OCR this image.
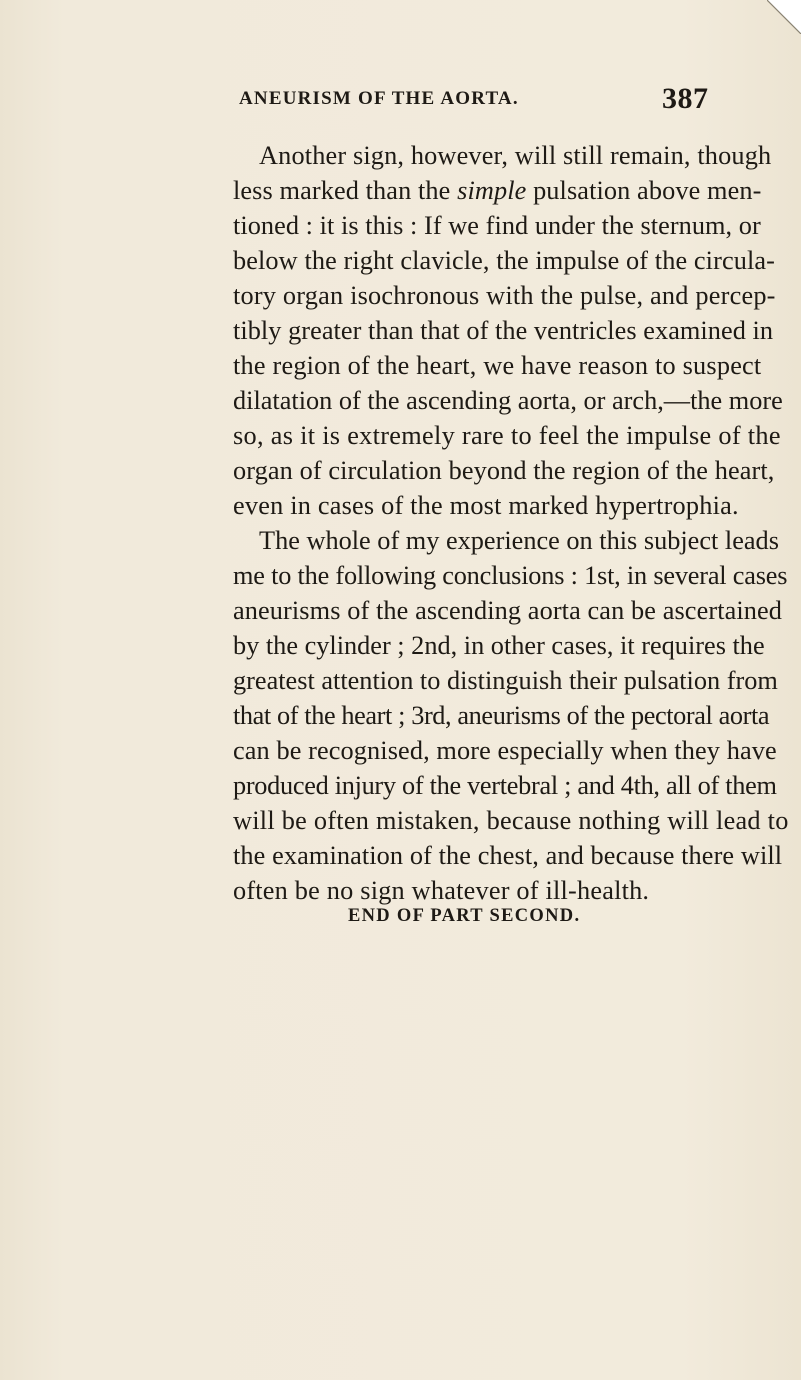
ANEURISM OF THE AORTA.	387
Another sign, however, will still remain, though
less marked than the simple pulsation above men-
tioned : it is this : If we find under the sternum, or
below the right clavicle, the impulse of the circula-
tory organ isochronous with the pulse, and percep-
tibly greater than that of the ventricles examined in
the region of the heart, we have reason to suspect
dilatation of the ascending aorta, or arch,—the more
so, as it is extremely rare to feel the impulse of the
organ of circulation beyond the region of the heart,
even in cases of the most marked hypertrophia.
The whole of my experience on this subject leads
me to the following conclusions : 1st, in several cases
aneurisms of the ascending aorta can be ascertained
by the cylinder ; 2nd, in other cases, it requires the
greatest attention to distinguish their pulsation from
that of the heart ; 3rd, aneurisms of the pectoral aorta
can be recognised, more especially when they have
produced injury of the vertebral ; and 4th, all of them
will be often mistaken, because nothing will lead to
the examination of the chest, and because there will
often be no sign whatever of ill-health.
END OF PART SECOND.
